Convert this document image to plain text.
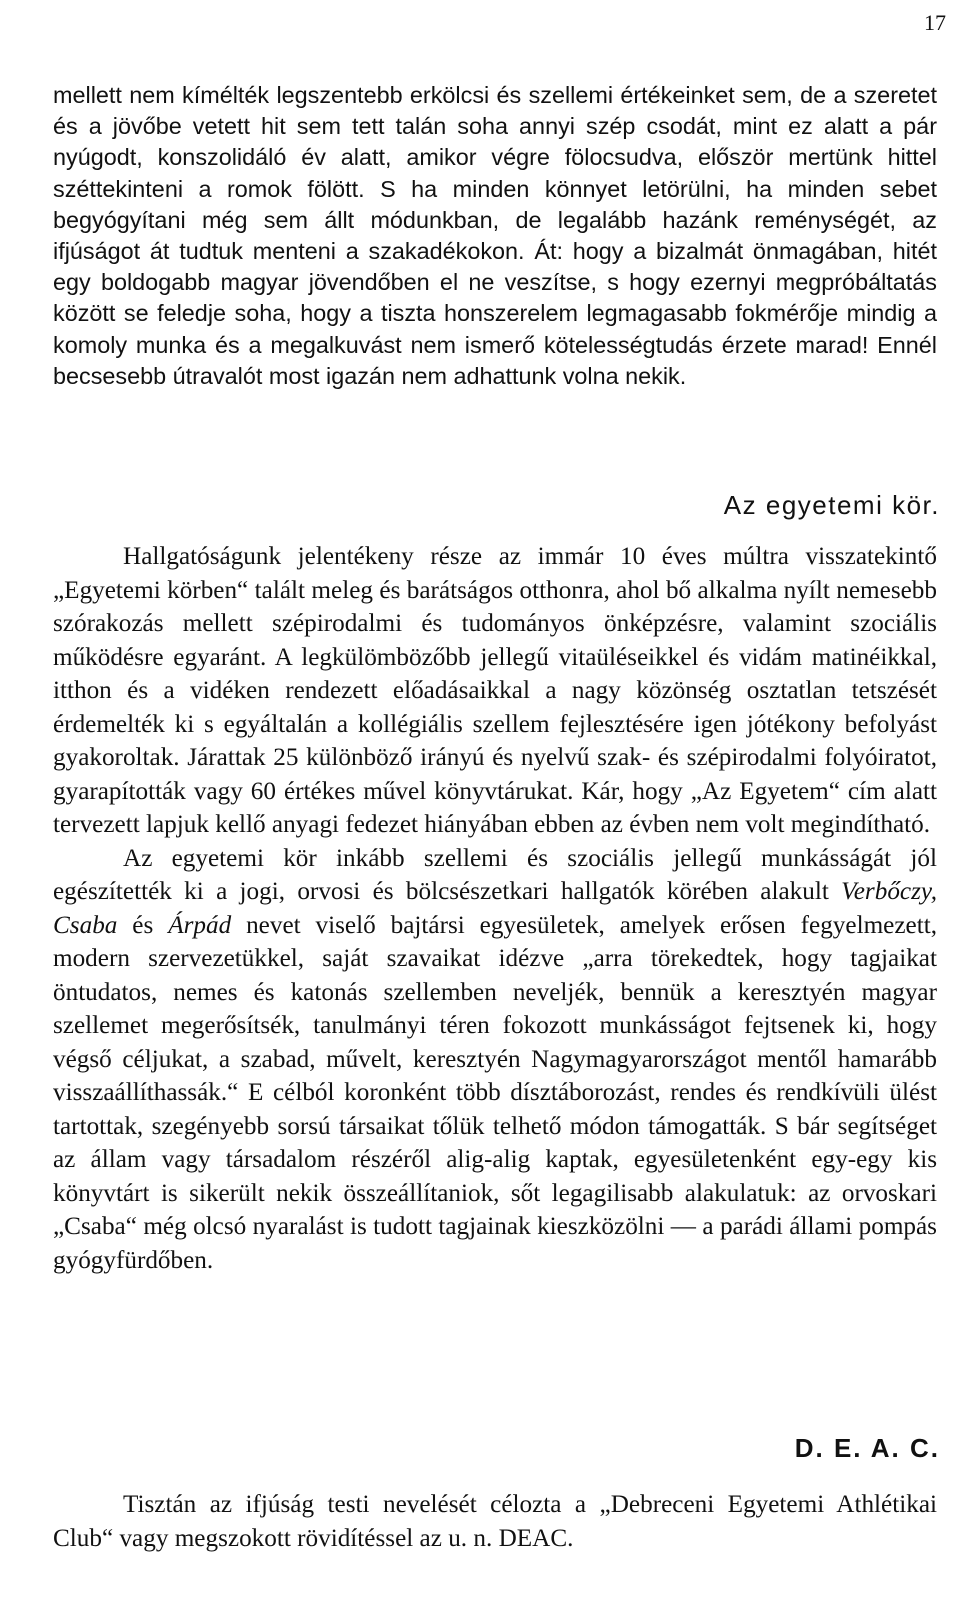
17

mellett nem kímélték legszentebb erkölcsi és szellemi értékeinket sem, de a szeretet és a jövőbe vetett hit sem tett talán soha annyi szép csodát, mint ez alatt a pár nyúgodt, konszolidáló év alatt, amikor végre fölocsudva, először mertünk hittel széttekinteni a romok fölött. S ha minden könnyet letörülni, ha minden sebet begyógyítani még sem állt módunkban, de legalább hazánk reménységét, az ifjúságot át tudtuk menteni a szakadékokon. Át: hogy a bizalmát önmagában, hitét egy boldogabb magyar jövendőben el ne veszítse, s hogy ezernyi megpróbáltatás között se feledje soha, hogy a tiszta honszerelem legmagasabb fokmérője mindig a komoly munka és a megalkuvást nem ismerő kötelességtudás érzete marad! Ennél becsesebb útravalót most igazán nem adhattunk volna nekik.

Az egyetemi kör.

Hallgatóságunk jelentékeny része az immár 10 éves múltra visszatekintő „Egyetemi körben“ talált meleg és barátságos otthonra, ahol bő alkalma nyílt nemesebb szórakozás mellett szépirodalmi és tudományos önképzésre, valamint szociális működésre egyaránt. A legkülömbözőbb jellegű vitaüléseikkel és vidám matinéikkal, itthon és a vidéken rendezett előadásaikkal a nagy közönség osztatlan tetszését érdemelték ki s egyáltalán a kollégiális szellem fejlesztésére igen jótékony befolyást gyakoroltak. Járattak 25 különböző irányú és nyelvű szak- és szépirodalmi folyóiratot, gyarapították vagy 60 értékes művel könyvtárukat. Kár, hogy „Az Egyetem“ cím alatt tervezett lapjuk kellő anyagi fedezet hiányában ebben az évben nem volt megindítható.

Az egyetemi kör inkább szellemi és szociális jellegű munkásságát jól egészítették ki a jogi, orvosi és bölcsészetkari hallgatók körében alakult Verbőczy, Csaba és Árpád nevet viselő bajtársi egyesületek, amelyek erősen fegyelmezett, modern szervezetükkel, saját szavaikat idézve „arra törekedtek, hogy tagjaikat öntudatos, nemes és katonás szellemben neveljék, bennük a keresztyén magyar szellemet megerősítsék, tanulmányi téren fokozott munkásságot fejtsenek ki, hogy végső céljukat, a szabad, művelt, keresztyén Nagymagyarországot mentől hamarább visszaállíthassák.“ E célból koronként több dísztáborozást, rendes és rendkívüli ülést tartottak, szegényebb sorsú társaikat tőlük telhető módon támogatták. S bár segítséget az állam vagy társadalom részéről alig-alig kaptak, egyesületenként egy-egy kis könyvtárt is sikerült nekik összeállítaniok, sőt legagilisabb alakulatuk: az orvoskari „Csaba“ még olcsó nyaralást is tudott tagjainak kieszközölni — a parádi állami pompás gyógyfürdőben.

D. E. A. C.

Tisztán az ifjúság testi nevelését célozta a „Debreceni Egyetemi Athlétikai Club“ vagy megszokott rövidítéssel az u. n. DEAC.
